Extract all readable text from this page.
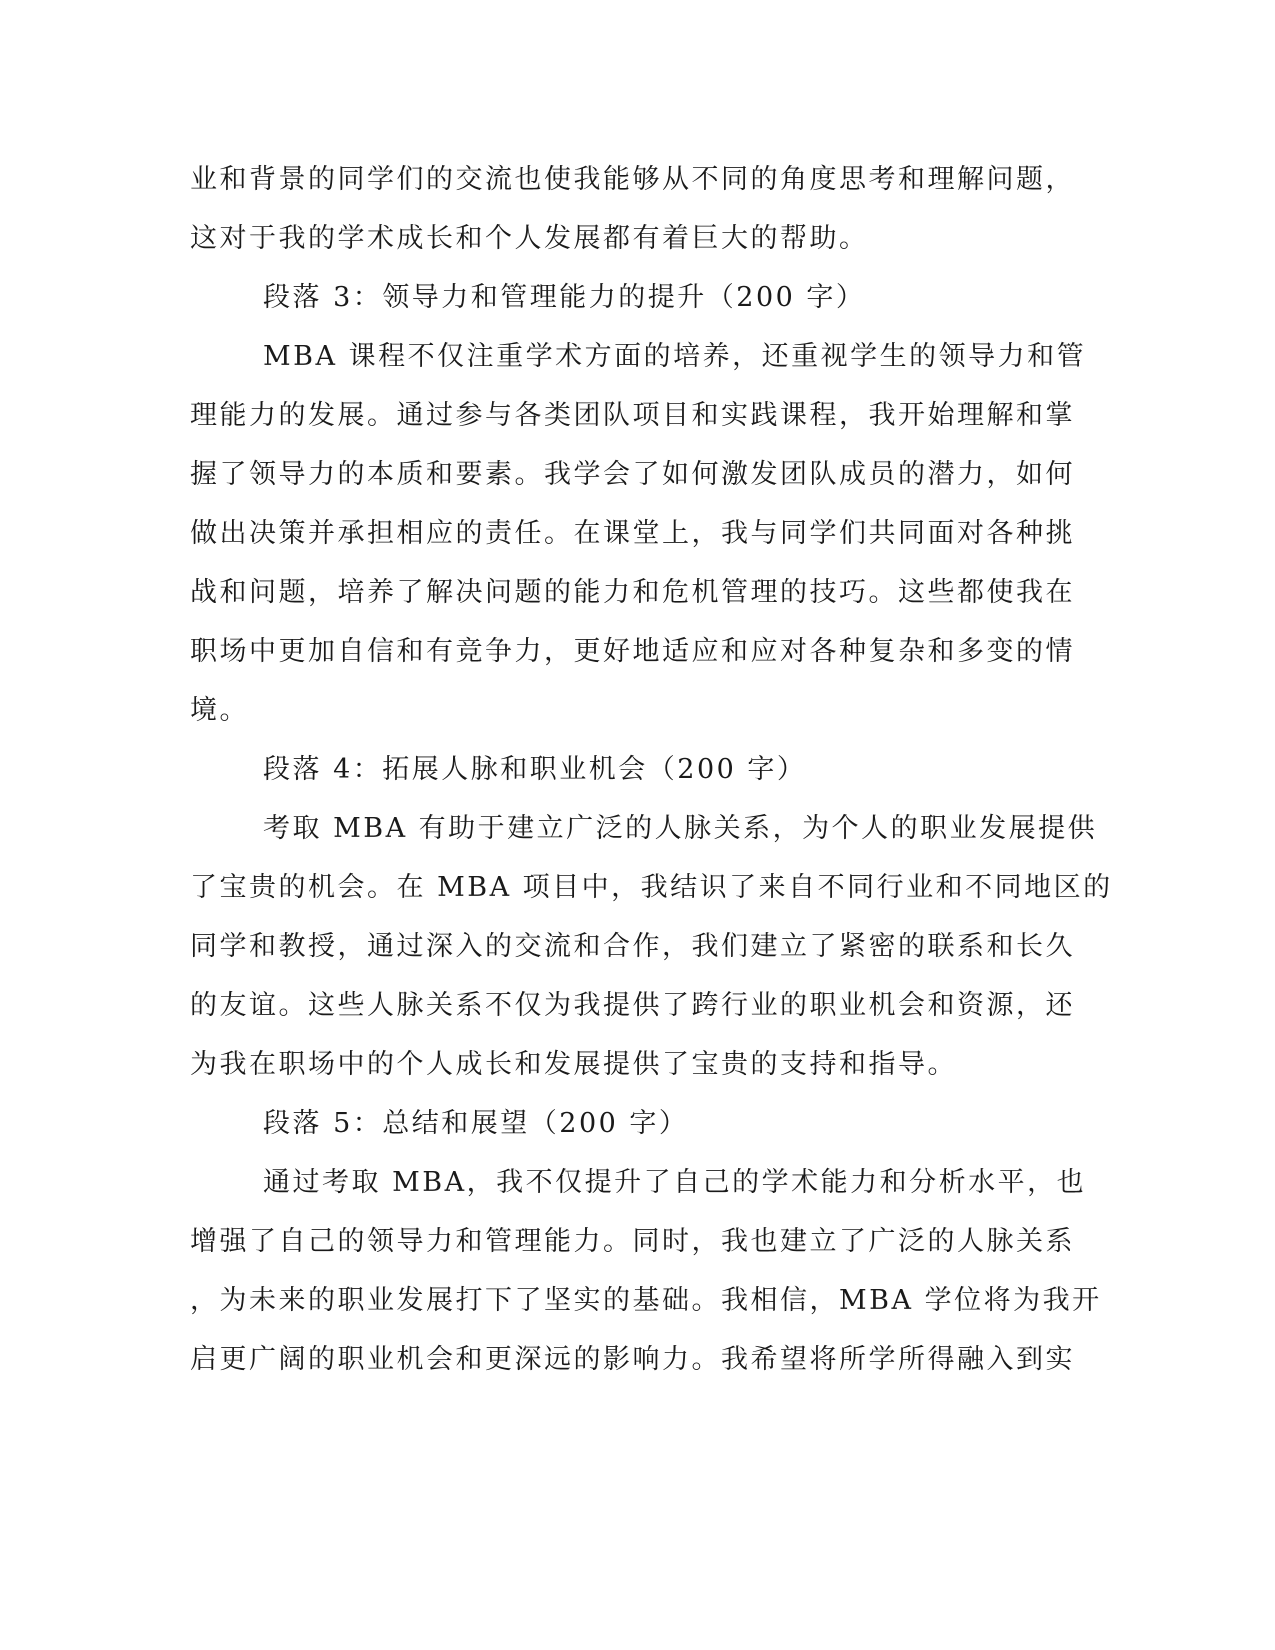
业和背景的同学们的交流也使我能够从不同的角度思考和理解问题，

这对于我的学术成长和个人发展都有着巨大的帮助。

段落 3：领导力和管理能力的提升（200 字）

MBA 课程不仅注重学术方面的培养，还重视学生的领导力和管

理能力的发展。通过参与各类团队项目和实践课程，我开始理解和掌

握了领导力的本质和要素。我学会了如何激发团队成员的潜力，如何

做出决策并承担相应的责任。在课堂上，我与同学们共同面对各种挑

战和问题，培养了解决问题的能力和危机管理的技巧。这些都使我在

职场中更加自信和有竞争力，更好地适应和应对各种复杂和多变的情

境。

段落 4：拓展人脉和职业机会（200 字）

考取 MBA 有助于建立广泛的人脉关系，为个人的职业发展提供

了宝贵的机会。在 MBA 项目中，我结识了来自不同行业和不同地区的

同学和教授，通过深入的交流和合作，我们建立了紧密的联系和长久

的友谊。这些人脉关系不仅为我提供了跨行业的职业机会和资源，还

为我在职场中的个人成长和发展提供了宝贵的支持和指导。

段落 5：总结和展望（200 字）

通过考取 MBA，我不仅提升了自己的学术能力和分析水平，也

增强了自己的领导力和管理能力。同时，我也建立了广泛的人脉关系

，为未来的职业发展打下了坚实的基础。我相信，MBA 学位将为我开

启更广阔的职业机会和更深远的影响力。我希望将所学所得融入到实
